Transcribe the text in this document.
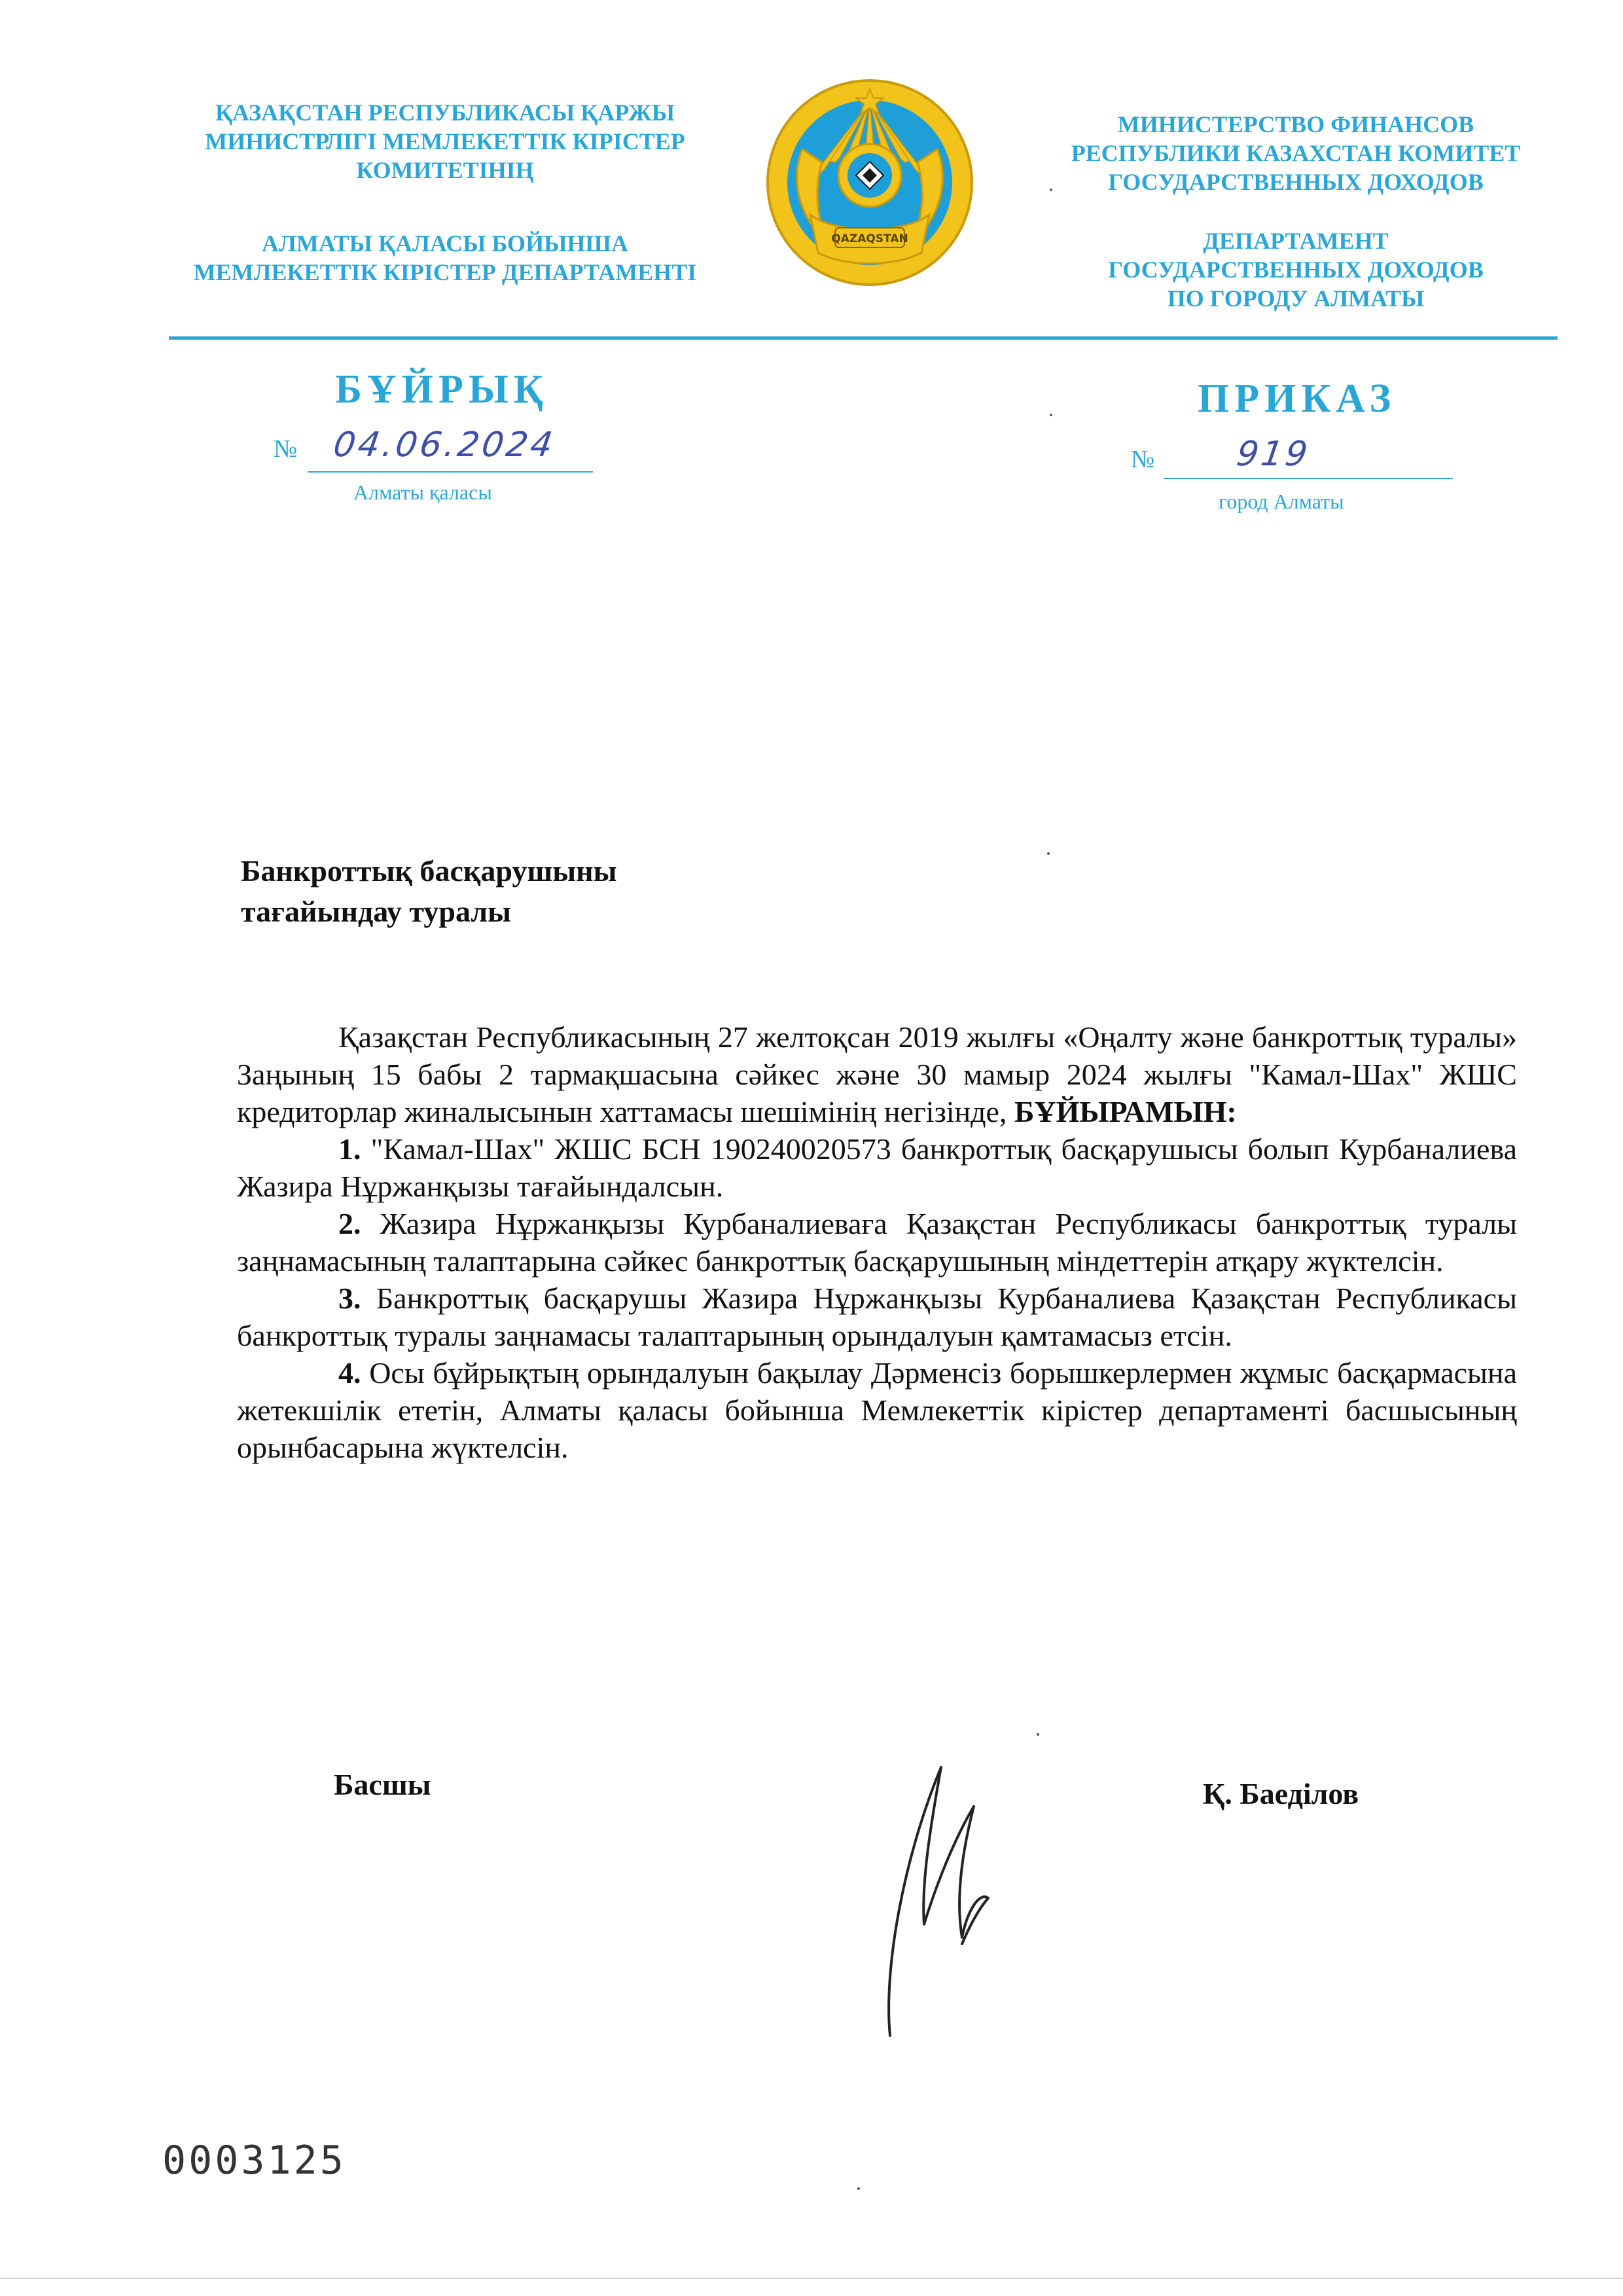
ҚАЗАҚСТАН РЕСПУБЛИКАСЫ ҚАРЖЫ
МИНИСТРЛІГІ МЕМЛЕКЕТТІК КІРІСТЕР
КОМИТЕТІНІҢ
АЛМАТЫ ҚАЛАСЫ БОЙЫНША
МЕМЛЕКЕТТІК КІРІСТЕР ДЕПАРТАМЕНТІ
МИНИСТЕРСТВО ФИНАНСОВ
РЕСПУБЛИКИ КАЗАХСТАН КОМИТЕТ
ГОСУДАРСТВЕННЫХ ДОХОДОВ
ДЕПАРТАМЕНТ
ГОСУДАРСТВЕННЫХ ДОХОДОВ
ПО ГОРОДУ АЛМАТЫ
QAZAQSTAN
БҰЙРЫҚ	ПРИКАЗ
№ 04.06.2024
Алматы қаласы
№ 919
город Алматы
Банкроттық басқарушыны
тағайындау туралы

Қазақстан Республикасының 27 желтоқсан 2019 жылғы «Оңалту және банкроттық туралы» Заңының 15 бабы 2 тармақшасына сәйкес және 30 мамыр 2024 жылғы "Камал-Шах" ЖШС кредиторлар жиналысынын хаттамасы шешімінің негізінде, БҰЙЫРАМЫН:

1. "Камал-Шах" ЖШС БСН 190240020573 банкроттық басқарушысы болып Курбаналиева Жазира Нұржанқызы тағайындалсын.

2. Жазира Нұржанқызы Курбаналиеваға Қазақстан Республикасы банкроттық туралы заңнамасының талаптарына сәйкес банкроттық басқарушының міндеттерін атқару жүктелсін.

3. Банкроттық басқарушы Жазира Нұржанқызы Курбаналиева Қазақстан Республикасы банкроттық туралы заңнамасы талаптарының орындалуын қамтамасыз етсін.

4. Осы бұйрықтың орындалуын бақылау Дәрменсіз борышкерлермен жұмыс басқармасына жетекшілік ететін, Алматы қаласы бойынша Мемлекеттік кірістер департаменті басшысының орынбасарына жүктелсін.

Басшы	Қ. Баеділов
0003125
